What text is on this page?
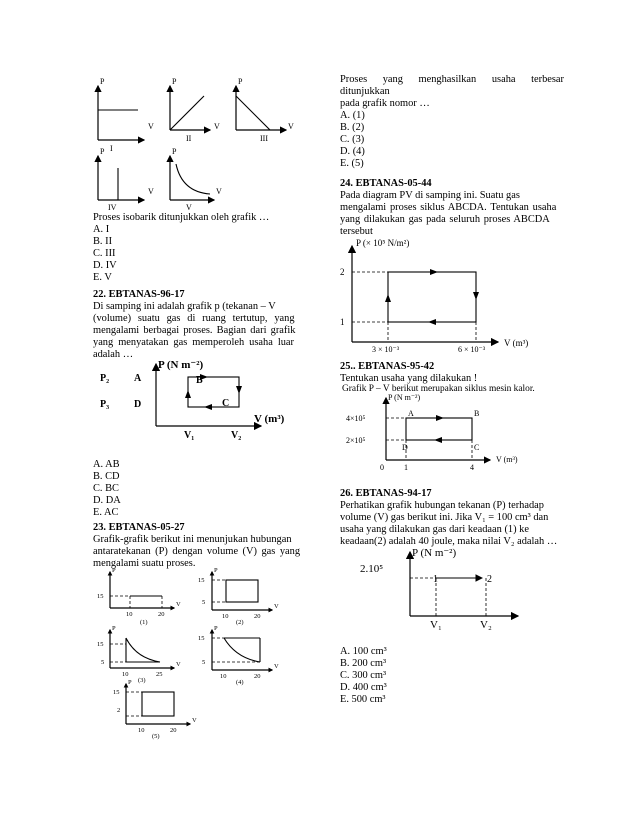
P
V
I
P
V
II
P
V
III
P
V
IV
P
V
V
Proses isobarik ditunjukkan oleh grafik …
A. I
B. II
C. III
D. IV
E. V
22. EBTANAS-96-17
Di samping ini adalah grafik p (tekanan – V
(volume) suatu gas di ruang tertutup, yang
mengalami berbagai proses. Bagian dari grafik
yang menyatakan gas memperoleh usaha luar
adalah …
P (N m⁻²)
V (m³)
P₂
P₃
A	B
C
D
V₁	V₂
A. AB
B. CD
C. BC
D. DA
E. AC
23. EBTANAS-05-27
Grafik-grafik berikut ini menunjukan hubungan
antaratekanan (P) dengan volume (V) gas yang
mengalami suatu proses.
P
V
15
10	20
(1)
P
V
15
5
10	20
(2)
P
V
15
5
10	25
(3)
P
V
15
5
10	20
(4)
P
V
15
2
10	20
(5)
Proses yang menghasilkan usaha terbesar
ditunjukkan
pada grafik nomor …
A. (1)
B. (2)
C. (3)
D. (4)
E. (5)
24. EBTANAS-05-44
Pada diagram PV di samping ini. Suatu gas
mengalami proses siklus ABCDA. Tentukan usaha
yang dilakukan gas pada seluruh proses ABCDA
tersebut
P (× 10⁵ N/m²)
V (m³)
2
1
3 × 10⁻³	6 × 10⁻³
25.. EBTANAS-95-42
Tentukan usaha yang dilakukan !
Grafik P – V berikut merupakan siklus mesin kalor.
P (N m⁻²)
V (m³)
4×10⁵
2×10⁵
A	B
C
D
0	1	4
26. EBTANAS-94-17
Perhatikan grafik hubungan tekanan (P) terhadap
volume (V) gas berikut ini. Jika V₁ = 100 cm³ dan
usaha yang dilakukan gas dari keadaan (1) ke
keadaan(2) adalah 40 joule, maka nilai V₂ adalah …
P (N m⁻²)
2.10⁵
1	2
V₁	V₂
A. 100 cm³
B. 200 cm³
C. 300 cm³
D. 400 cm³
E. 500 cm³
